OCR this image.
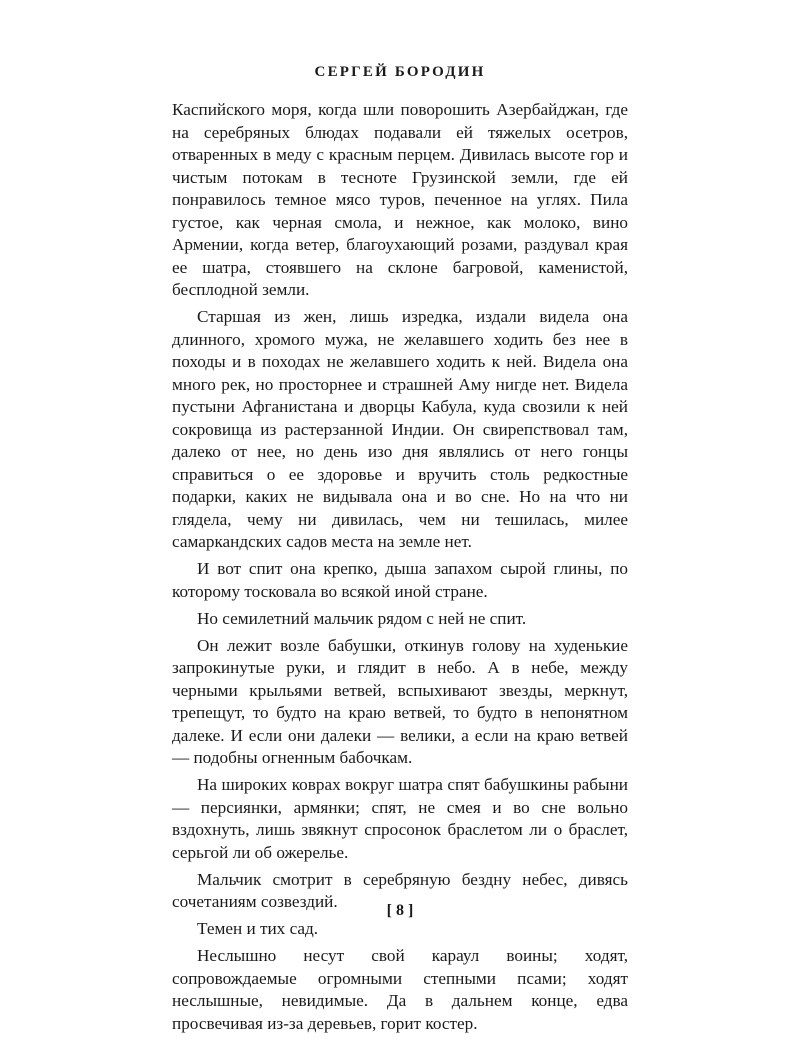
СЕРГЕЙ БОРОДИН

Каспийского моря, когда шли поворошить Азербайджан, где на серебряных блюдах подавали ей тяжелых осетров, отваренных в меду с красным перцем. Дивилась высоте гор и чистым потокам в тесноте Грузинской земли, где ей понравилось темное мясо туров, печенное на углях. Пила густое, как черная смола, и нежное, как молоко, вино Армении, когда ветер, благоухающий розами, раздувал края ее шатра, стоявшего на склоне багровой, каменистой, бесплодной земли.

Старшая из жен, лишь изредка, издали видела она длинного, хромого мужа, не желавшего ходить без нее в походы и в походах не желавшего ходить к ней. Видела она много рек, но просторнее и страшней Аму нигде нет. Видела пустыни Афганистана и дворцы Кабула, куда свозили к ней сокровища из растерзанной Индии. Он свирепствовал там, далеко от нее, но день изо дня являлись от него гонцы справиться о ее здоровье и вручить столь редкостные подарки, каких не видывала она и во сне. Но на что ни глядела, чему ни дивилась, чем ни тешилась, милее самаркандских садов места на земле нет.

И вот спит она крепко, дыша запахом сырой глины, по которому тосковала во всякой иной стране.

Но семилетний мальчик рядом с ней не спит.

Он лежит возле бабушки, откинув голову на худенькие запрокинутые руки, и глядит в небо. А в небе, между черными крыльями ветвей, вспыхивают звезды, меркнут, трепещут, то будто на краю ветвей, то будто в непонятном далеке. И если они далеки — велики, а если на краю ветвей — подобны огненным бабочкам.

На широких коврах вокруг шатра спят бабушкины рабыни — персиянки, армянки; спят, не смея и во сне вольно вздохнуть, лишь звякнут спросонок браслетом ли о браслет, серьгой ли об ожерелье.

Мальчик смотрит в серебряную бездну небес, дивясь сочетаниям созвездий.

Темен и тих сад.

Неслышно несут свой караул воины; ходят, сопровождаемые огромными степными псами; ходят неслышные, невидимые. Да в дальнем конце, едва просвечивая из-за деревьев, горит костер.

[ 8 ]
